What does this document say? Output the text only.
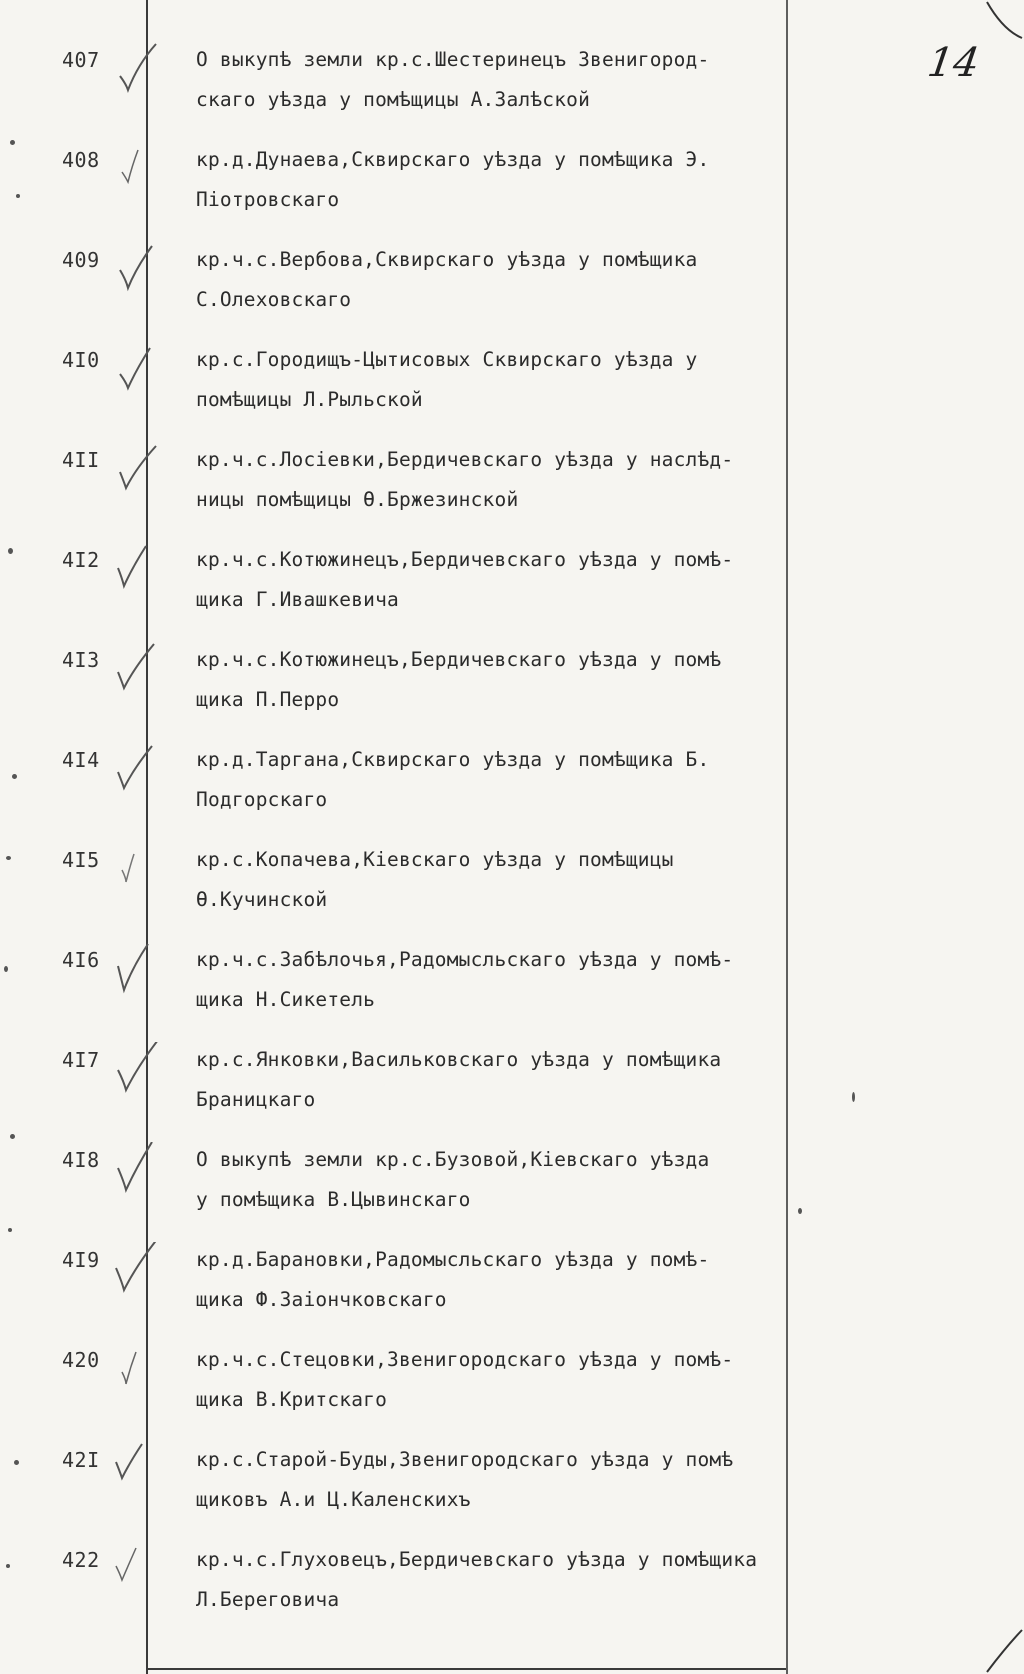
14
407	О выкупѣ земли кр.с.Шестеринецъ Звенигород-
скаго уѣзда у помѣщицы А.Залѣской
408	кр.д.Дунаева,Сквирскаго уѣзда у помѣщика Э.
Піотровскаго
409	кр.ч.с.Вербова,Сквирскаго уѣзда у помѣщика
С.Олеховскаго
4I0	кр.с.Городищъ-Цытисовых Сквирскаго уѣзда у
помѣщицы Л.Рыльской
4II	кр.ч.с.Лосіевки,Бердичевскаго уѣзда у наслѣд-
ницы помѣщицы Ѳ.Бржезинской
4I2	кр.ч.с.Котюжинецъ,Бердичевскаго уѣзда у помѣ-
щика Г.Ивашкевича
4I3	кр.ч.с.Котюжинецъ,Бердичевскаго уѣзда у помѣ
щика П.Перро
4I4	кр.д.Таргана,Сквирскаго уѣзда у помѣщика Б.
Подгорскаго
4I5	кр.с.Копачева,Кіевскаго уѣзда у помѣщицы
Ѳ.Кучинской
4I6	кр.ч.с.Забѣлочья,Радомысльскаго уѣзда у помѣ-
щика Н.Сикетель
4I7	кр.с.Янковки,Васильковскаго уѣзда у помѣщика
Браницкаго
4I8	О выкупѣ земли кр.с.Бузовой,Кіевскаго уѣзда
у помѣщика В.Цывинскаго
4I9	кр.д.Барановки,Радомысльскаго уѣзда у помѣ-
щика Ф.Заіончковскаго
420	кр.ч.с.Стецовки,Звенигородскаго уѣзда у помѣ-
щика В.Критскаго
42I	кр.с.Старой-Буды,Звенигородскаго уѣзда у помѣ
щиковъ А.и Ц.Каленскихъ
422	кр.ч.с.Глуховецъ,Бердичевскаго уѣзда у помѣщика
Л.Береговича
